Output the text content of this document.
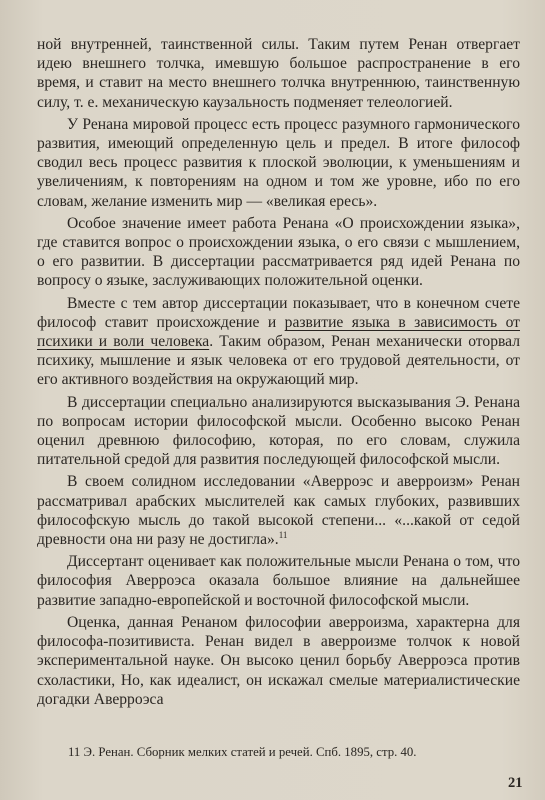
ной внутренней, таинственной силы. Таким путем Ренан отвергает идею внешнего толчка, имевшую большое распространение в его время, и ставит на место внешнего толчка внутреннюю, таинственную силу, т. е. механическую каузальность подменяет телеологией.

У Ренана мировой процесс есть процесс разумного гармонического развития, имеющий определенную цель и предел. В итоге философ сводил весь процесс развития к плоской эволюции, к уменьшениям и увеличениям, к повторениям на одном и том же уровне, ибо по его словам, желание изменить мир — «великая ересь».

Особое значение имеет работа Ренана «О происхождении языка», где ставится вопрос о происхождении языка, о его связи с мышлением, о его развитии. В диссертации рассматривается ряд идей Ренана по вопросу о языке, заслуживающих положительной оценки.

Вместе с тем автор диссертации показывает, что в конечном счете философ ставит происхождение и развитие языка в зависимость от психики и воли человека. Таким образом, Ренан механически оторвал психику, мышление и язык человека от его трудовой деятельности, от его активного воздействия на окружающий мир.

В диссертации специально анализируются высказывания Э. Ренана по вопросам истории философской мысли. Особенно высоко Ренан оценил древнюю философию, которая, по его словам, служила питательной средой для развития последующей философской мысли.

В своем солидном исследовании «Аверроэс и аверроизм» Ренан рассматривал арабских мыслителей как самых глубоких, развивших философскую мысль до такой высокой степени... «...какой от седой древности она ни разу не достигла».$^{11}$

Диссертант оценивает как положительные мысли Ренана о том, что философия Аверроэса оказала большое влияние на дальнейшее развитие западно-европейской и восточной философской мысли.

Оценка, данная Ренаном философии аверроизма, характерна для философа-позитивиста. Ренан видел в аверроизме толчок к новой экспериментальной науке. Он высоко ценил борьбу Аверроэса против схоластики, Но, как идеалист, он искажал смелые материалистические догадки Аверроэса

11 Э. Ренан. Сборник мелких статей и речей. Спб. 1895, стр. 40.
21
